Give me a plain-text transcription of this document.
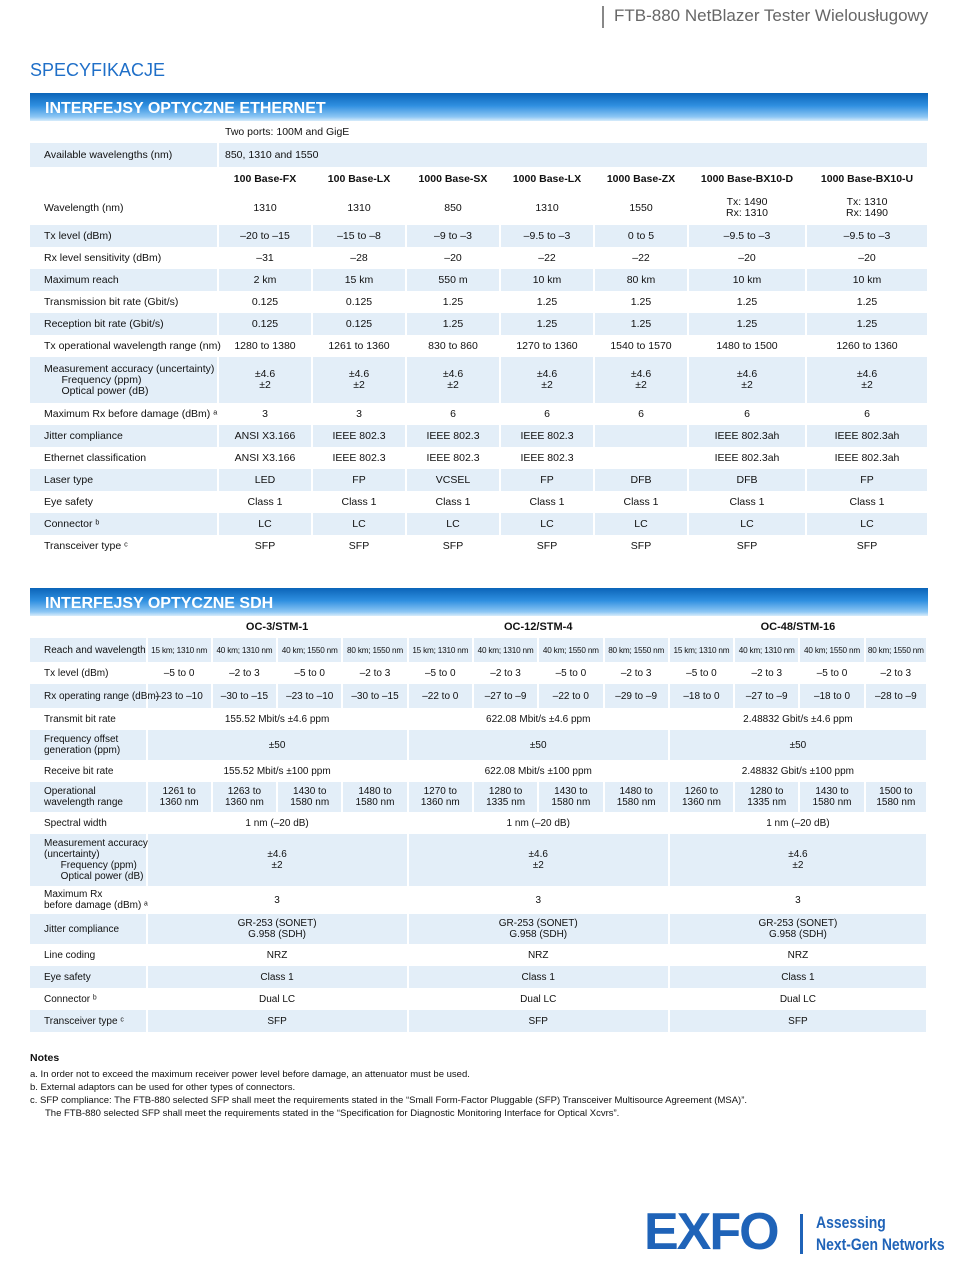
FTB-880 NetBlazer Tester Wielousługowy
SPECYFIKACJE
INTERFEJSY OPTYCZNE ETHERNET
	Two ports: 100M and GigE						
Available wavelengths (nm)	850, 1310 and 1550						
	100 Base-FX	100 Base-LX	1000 Base-SX	1000 Base-LX	1000 Base-ZX	1000 Base-BX10-D	1000 Base-BX10-U
Wavelength (nm)	1310	1310	850	1310	1550	Tx: 1490
Rx: 1310	Tx: 1310
Rx: 1490
Tx level (dBm)	–20 to –15	–15 to –8	–9 to –3	–9.5 to –3	0 to 5	–9.5 to –3	–9.5 to –3
Rx level sensitivity (dBm)	–31	–28	–20	–22	–22	–20	–20
Maximum reach	2 km	15 km	550 m	10 km	80 km	10 km	10 km
Transmission bit rate (Gbit/s)	0.125	0.125	1.25	1.25	1.25	1.25	1.25
Reception bit rate (Gbit/s)	0.125	0.125	1.25	1.25	1.25	1.25	1.25
Tx operational wavelength range (nm)	1280 to 1380	1261 to 1360	830 to 860	1270 to 1360	1540 to 1570	1480 to 1500	1260 to 1360
Measurement accuracy (uncertainty)
Frequency (ppm)
Optical power (dB)	±4.6
±2	±4.6
±2	±4.6
±2	±4.6
±2	±4.6
±2	±4.6
±2	±4.6
±2
Maximum Rx before damage (dBm) ᵃ	3	3	6	6	6	6	6
Jitter compliance	ANSI X3.166	IEEE 802.3	IEEE 802.3	IEEE 802.3		IEEE 802.3ah	IEEE 802.3ah
Ethernet classification	ANSI X3.166	IEEE 802.3	IEEE 802.3	IEEE 802.3		IEEE 802.3ah	IEEE 802.3ah
Laser type	LED	FP	VCSEL	FP	DFB	DFB	FP
Eye safety	Class 1	Class 1	Class 1	Class 1	Class 1	Class 1	Class 1
Connector ᵇ	LC	LC	LC	LC	LC	LC	LC
Transceiver type ᶜ	SFP	SFP	SFP	SFP	SFP	SFP	SFP
INTERFEJSY OPTYCZNE SDH
	OC-3/STM-1				OC-12/STM-4				OC-48/STM-16			
Reach and wavelength	15 km; 1310 nm	40 km; 1310 nm	40 km; 1550 nm	80 km; 1550 nm	15 km; 1310 nm	40 km; 1310 nm	40 km; 1550 nm	80 km; 1550 nm	15 km; 1310 nm	40 km; 1310 nm	40 km; 1550 nm	80 km; 1550 nm
Tx level (dBm)	–5 to 0	–2 to 3	–5 to 0	–2 to 3	–5 to 0	–2 to 3	–5 to 0	–2 to 3	–5 to 0	–2 to 3	–5 to 0	–2 to 3
Rx operating range (dBm)	–23 to –10	–30 to –15	–23 to –10	–30 to –15	–22 to 0	–27 to –9	–22 to 0	–29 to –9	–18 to 0	–27 to –9	–18 to 0	–28 to –9
Transmit bit rate	155.52 Mbit/s ±4.6 ppm				622.08 Mbit/s ±4.6 ppm				2.48832 Gbit/s ±4.6 ppm			
Frequency offset
generation (ppm)	±50				±50				±50			
Receive bit rate	155.52 Mbit/s ±100 ppm				622.08 Mbit/s ±100 ppm				2.48832 Gbit/s ±100 ppm			
Operational
wavelength range	1261 to
1360 nm	1263 to
1360 nm	1430 to
1580 nm	1480 to
1580 nm	1270 to
1360 nm	1280 to
1335 nm	1430 to
1580 nm	1480 to
1580 nm	1260 to
1360 nm	1280 to
1335 nm	1430 to
1580 nm	1500 to
1580 nm
Spectral width	1 nm (–20 dB)				1 nm (–20 dB)				1 nm (–20 dB)			
Measurement accuracy
(uncertainty)
Frequency (ppm)
Optical power (dB)	±4.6
±2				±4.6
±2				±4.6
±2			
Maximum Rx
before damage (dBm) ᵃ	3				3				3			
Jitter compliance	GR-253 (SONET)
G.958 (SDH)				GR-253 (SONET)
G.958 (SDH)				GR-253 (SONET)
G.958 (SDH)			
Line coding	NRZ				NRZ				NRZ			
Eye safety	Class 1				Class 1				Class 1			
Connector ᵇ	Dual LC				Dual LC				Dual LC			
Transceiver type ᶜ	SFP				SFP				SFP			
Notes
a. In order not to exceed the maximum receiver power level before damage, an attenuator must be used.
b. External adaptors can be used for other types of connectors.
c. SFP compliance: The FTB-880 selected SFP shall meet the requirements stated in the “Small Form-Factor Pluggable (SFP) Transceiver Multisource Agreement (MSA)”.
The FTB-880 selected SFP shall meet the requirements stated in the “Specification for Diagnostic Monitoring Interface for Optical Xcvrs”.
EXFO Assessing
Next-Gen Networks
